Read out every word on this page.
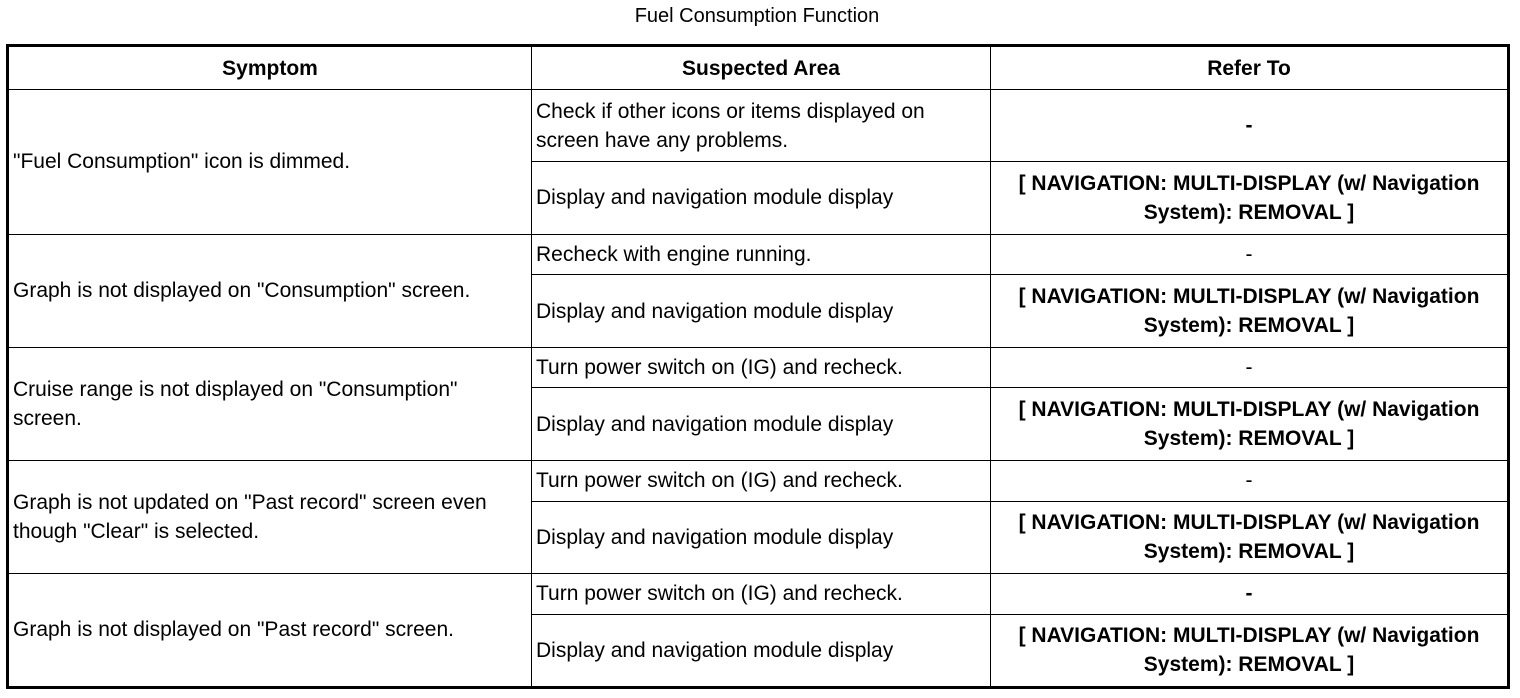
Fuel Consumption Function
Symptom	Suspected Area	Refer To
"Fuel Consumption" icon is dimmed.	Check if other icons or items displayed on screen have any problems.	-
	Display and navigation module display	[ NAVIGATION: MULTI-DISPLAY (w/ Navigation System): REMOVAL ]
Graph is not displayed on "Consumption" screen.	Recheck with engine running.	-
	Display and navigation module display	[ NAVIGATION: MULTI-DISPLAY (w/ Navigation System): REMOVAL ]
Cruise range is not displayed on "Consumption" screen.	Turn power switch on (IG) and recheck.	-
	Display and navigation module display	[ NAVIGATION: MULTI-DISPLAY (w/ Navigation System): REMOVAL ]
Graph is not updated on "Past record" screen even though "Clear" is selected.	Turn power switch on (IG) and recheck.	-
	Display and navigation module display	[ NAVIGATION: MULTI-DISPLAY (w/ Navigation System): REMOVAL ]
Graph is not displayed on "Past record" screen.	Turn power switch on (IG) and recheck.	-
	Display and navigation module display	[ NAVIGATION: MULTI-DISPLAY (w/ Navigation System): REMOVAL ]
